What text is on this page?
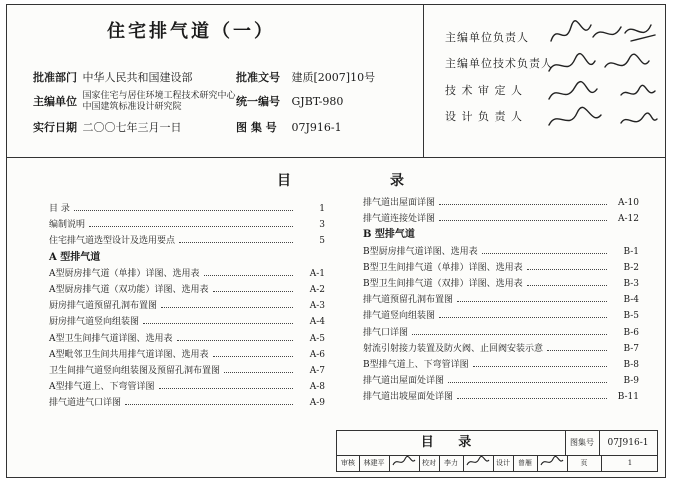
住宅排气道（一）
批准部门 中华人民共和国建设部	批准文号 建质[2007]10号
主编单位 国家住宅与居住环境工程技术研究中心
中国建筑标准设计研究院	统一编号 GJBT-980
实行日期 二〇〇七年三月一日	图 集 号 07J916-1
主编单位负责人
主编单位技术负责人
技 术 审 定 人
设 计 负 责 人
目	录
目 录	1
编制说明	3
住宅排气道选型设计及选用要点	5
A 型排气道
A型厨房排气道（单排）详图、选用表	A-1
A型厨房排气道（双功能）详图、选用表	A-2
厨房排气道预留孔洞布置图	A-3
厨房排气道竖向组装图	A-4
A型卫生间排气道详图、选用表	A-5
A型毗邻卫生间共用排气道详图、选用表	A-6
卫生间排气道竖向组装图及预留孔洞布置图	A-7
A型排气道上、下弯管详图	A-8
排气道进气口详图	A-9
排气道出屋面详图	A-10
排气道连接处详图	A-12
B 型排气道
B型厨房排气道详图、选用表	B-1
B型卫生间排气道（单排）详图、选用表	B-2
B型卫生间排气道（双排）详图、选用表	B-3
排气道预留孔洞布置图	B-4
排气道竖向组装图	B-5
排气口详图	B-6
射流引射接力装置及防火阀、止回阀安装示意	B-7
B型排气道上、下弯管详图	B-8
排气道出屋面处详图	B-9
排气道出坡屋面处详图	B-11
目 录	图集号	07J916-1
审核	林建平	校对	李力	设计	曾雁	页	1
